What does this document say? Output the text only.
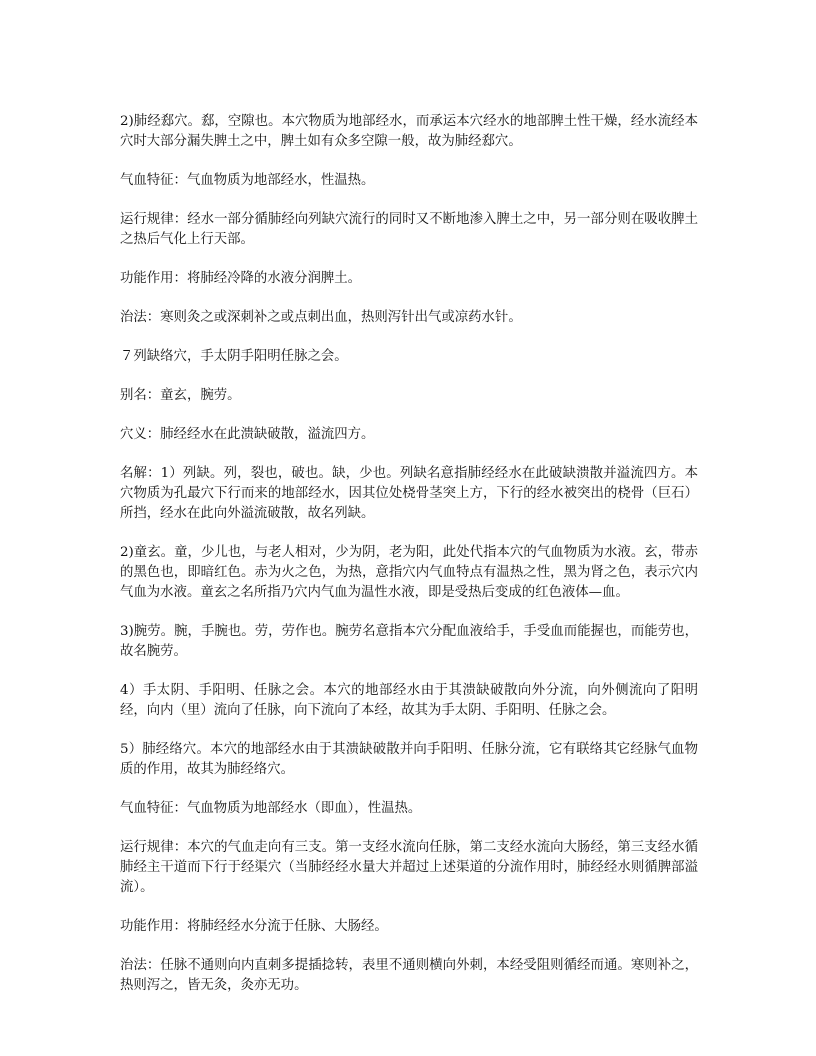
2)肺经郄穴。郄，空隙也。本穴物质为地部经水，而承运本穴经水的地部脾土性干燥，经水流经本穴时大部分漏失脾土之中，脾土如有众多空隙一般，故为肺经郄穴。

气血特征：气血物质为地部经水，性温热。

运行规律：经水一部分循肺经向列缺穴流行的同时又不断地渗入脾土之中，另一部分则在吸收脾土之热后气化上行天部。

功能作用：将肺经冷降的水液分润脾土。

治法：寒则灸之或深刺补之或点刺出血，热则泻针出气或凉药水针。

７列缺络穴，手太阴手阳明任脉之会。

别名：童玄，腕劳。

穴义：肺经经水在此溃缺破散，溢流四方。

名解：1）列缺。列，裂也，破也。缺，少也。列缺名意指肺经经水在此破缺溃散并溢流四方。本穴物质为孔最穴下行而来的地部经水，因其位处桡骨茎突上方，下行的经水被突出的桡骨（巨石）所挡，经水在此向外溢流破散，故名列缺。

2)童玄。童，少儿也，与老人相对，少为阴，老为阳，此处代指本穴的气血物质为水液。玄，带赤的黑色也，即暗红色。赤为火之色，为热，意指穴内气血特点有温热之性，黑为肾之色，表示穴内气血为水液。童玄之名所指乃穴内气血为温性水液，即是受热后变成的红色液体—血。

3)腕劳。腕，手腕也。劳，劳作也。腕劳名意指本穴分配血液给手，手受血而能握也，而能劳也，故名腕劳。

4）手太阴、手阳明、任脉之会。本穴的地部经水由于其溃缺破散向外分流，向外侧流向了阳明经，向内（里）流向了任脉，向下流向了本经，故其为手太阴、手阳明、任脉之会。

5）肺经络穴。本穴的地部经水由于其溃缺破散并向手阳明、任脉分流，它有联络其它经脉气血物质的作用，故其为肺经络穴。

气血特征：气血物质为地部经水（即血），性温热。

运行规律：本穴的气血走向有三支。第一支经水流向任脉，第二支经水流向大肠经，第三支经水循肺经主干道而下行于经渠穴（当肺经经水量大并超过上述渠道的分流作用时，肺经经水则循脾部溢流）。

功能作用：将肺经经水分流于任脉、大肠经。

治法：任脉不通则向内直刺多提插捻转，表里不通则横向外刺，本经受阻则循经而通。寒则补之，热则泻之，皆无灸，灸亦无功。
